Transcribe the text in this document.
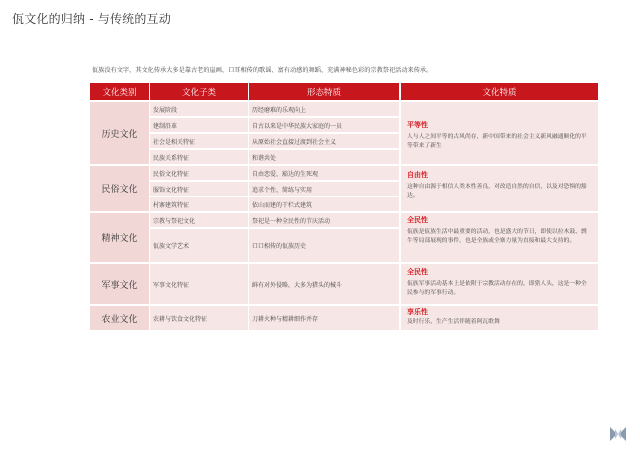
佤文化的归纳 - 与传统的互动
佤族没有文字，其文化传承大多是靠古老的崖画、口耳相传的歌谣、富有动感的舞蹈、充满神秘色彩的宗教祭祀活动来传承。
文化类别	文化子类	形态特质	文化特质
历史文化
发展阶段	历经磨难的乐观向上
建制沿革	自古以来是中华民族大家庭的一员
社会是相关特征	从原始社会直接过渡到社会主义
民族关系特征	和谐共处
平等性
人与人之间平等的古风尚存，新中国带来的社会主义新风融通顺化的平等带来了新生
民俗文化
民俗文化特征	自由恋爱、豁达的生死观
服饰文化特征	追求个性、简练与实用
村寨建筑特征	依山而建的干栏式建筑
自由性
这种自由源于相信人类本性善良，对改造自然的自信，以及对恐惧的豁达。
精神文化
宗教与祭祀文化	祭祀是一种全民性的节庆活动
佤族文学艺术	口口相传的佤族历史
全民性
佤族是佤族生活中最重要的活动，也是盛大的节日，即使以拉木鼓、剽牛等局部展现的事件，也是全族或全寨力量为直接和最大支持的。
军事文化	军事文化特征	鲜有对外侵略，大多为猎头的械斗
全民性
佤族军事活动基本上是依附于宗教活动存在的，即猎人头，这是一种全民参与的军事行动。
农业文化	农耕与饮食文化特征	刀耕火种与精耕细作并存
享乐性
及时行乐，生产生活伴随着阿瓦歌舞
